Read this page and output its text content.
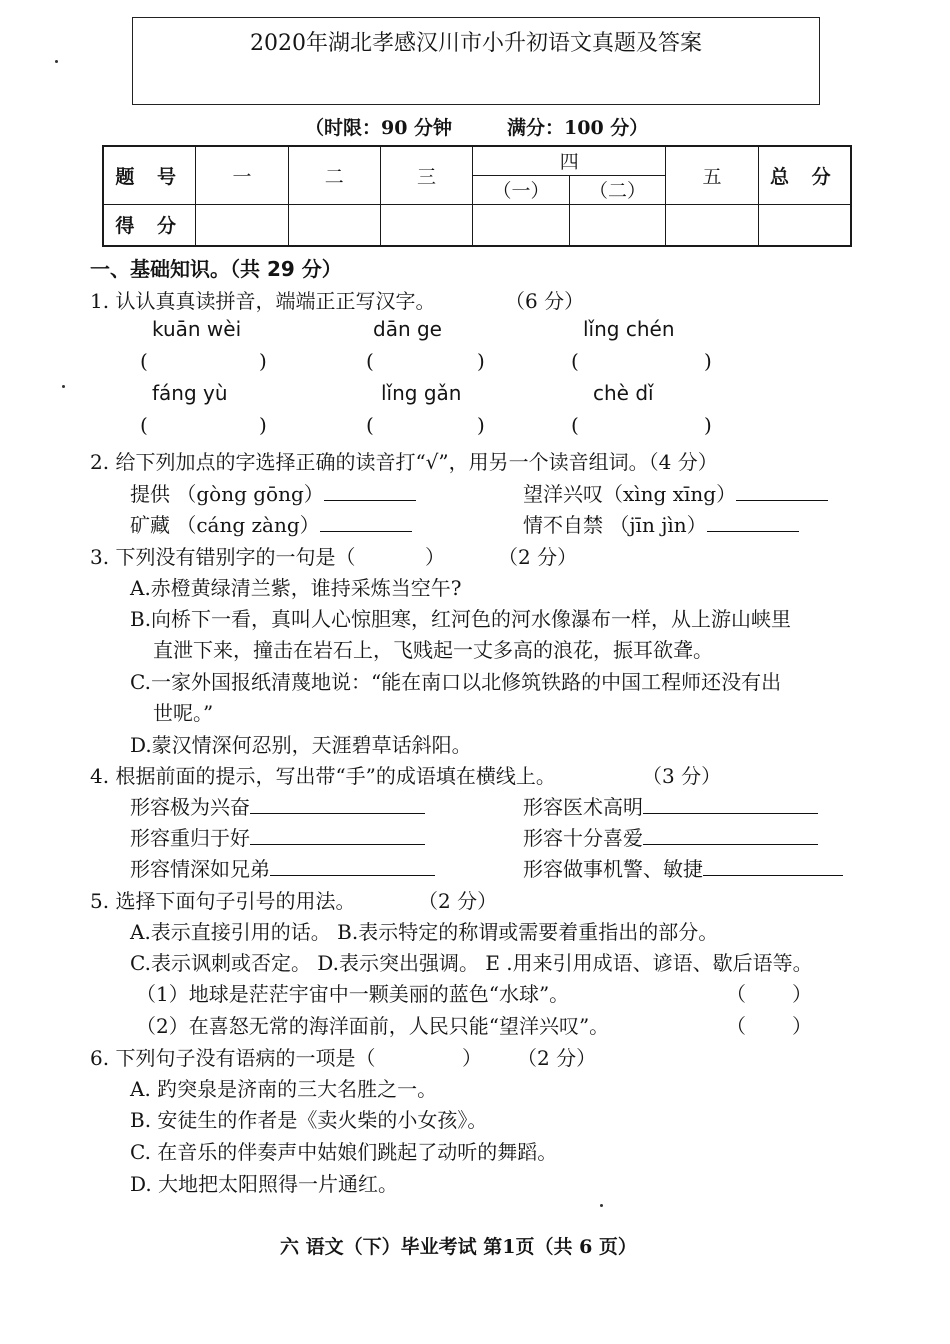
2020年湖北孝感汉川市小升初语文真题及答案
（时限：90 分钟	满分：100 分）
题 号	一	二	三	四		五	总 分
				（一）	（二）		
得 分							
一、基础知识。（共 29 分）
1. 认认真真读拼音，端端正正写汉字。	（6 分）
kuān wèi	dān ge	lǐng chén
(	)	(	)	(	)
fáng yù	lǐng gǎn	chè dǐ
(	)	(	)	(	)
2. 给下列加点的字选择正确的读音打“√”，用另一个读音组词。（4 分）
提供 （gòng gōng）	望洋兴叹（xìng xīng）
矿藏 （cáng zàng）	情不自禁 （jīn jìn）
3. 下列没有错别字的一句是（	）	（2 分）
A.赤橙黄绿清兰紫，谁持采炼当空午?
B.向桥下一看，真叫人心惊胆寒，红河色的河水像瀑布一样，从上游山峡里
直泄下来，撞击在岩石上，飞贱起一丈多高的浪花，振耳欲聋。
C.一家外国报纸清蔑地说：“能在南口以北修筑铁路的中国工程师还没有出
世呢。”
D.蒙汉情深何忍别，天涯碧草话斜阳。
4. 根据前面的提示，写出带“手”的成语填在横线上。	（3 分）
形容极为兴奋	形容医术高明
形容重归于好	形容十分喜爱
形容情深如兄弟	形容做事机警、敏捷
5. 选择下面句子引号的用法。	（2 分）
A.表示直接引用的话。 B.表示特定的称谓或需要着重指出的部分。
C.表示讽刺或否定。 D.表示突出强调。 E .用来引用成语、谚语、歇后语等。
（1）地球是茫茫宇宙中一颗美丽的蓝色“水球”。	（ ）
（2）在喜怒无常的海洋面前，人民只能“望洋兴叹”。	（ ）
6. 下列句子没有语病的一项是（	） （2 分）
A. 趵突泉是济南的三大名胜之一。
B. 安徒生的作者是《卖火柴的小女孩》。
C. 在音乐的伴奏声中姑娘们跳起了动听的舞蹈。
D. 大地把太阳照得一片通红。
六 语文（下）毕业考试 第1页（共 6 页）
